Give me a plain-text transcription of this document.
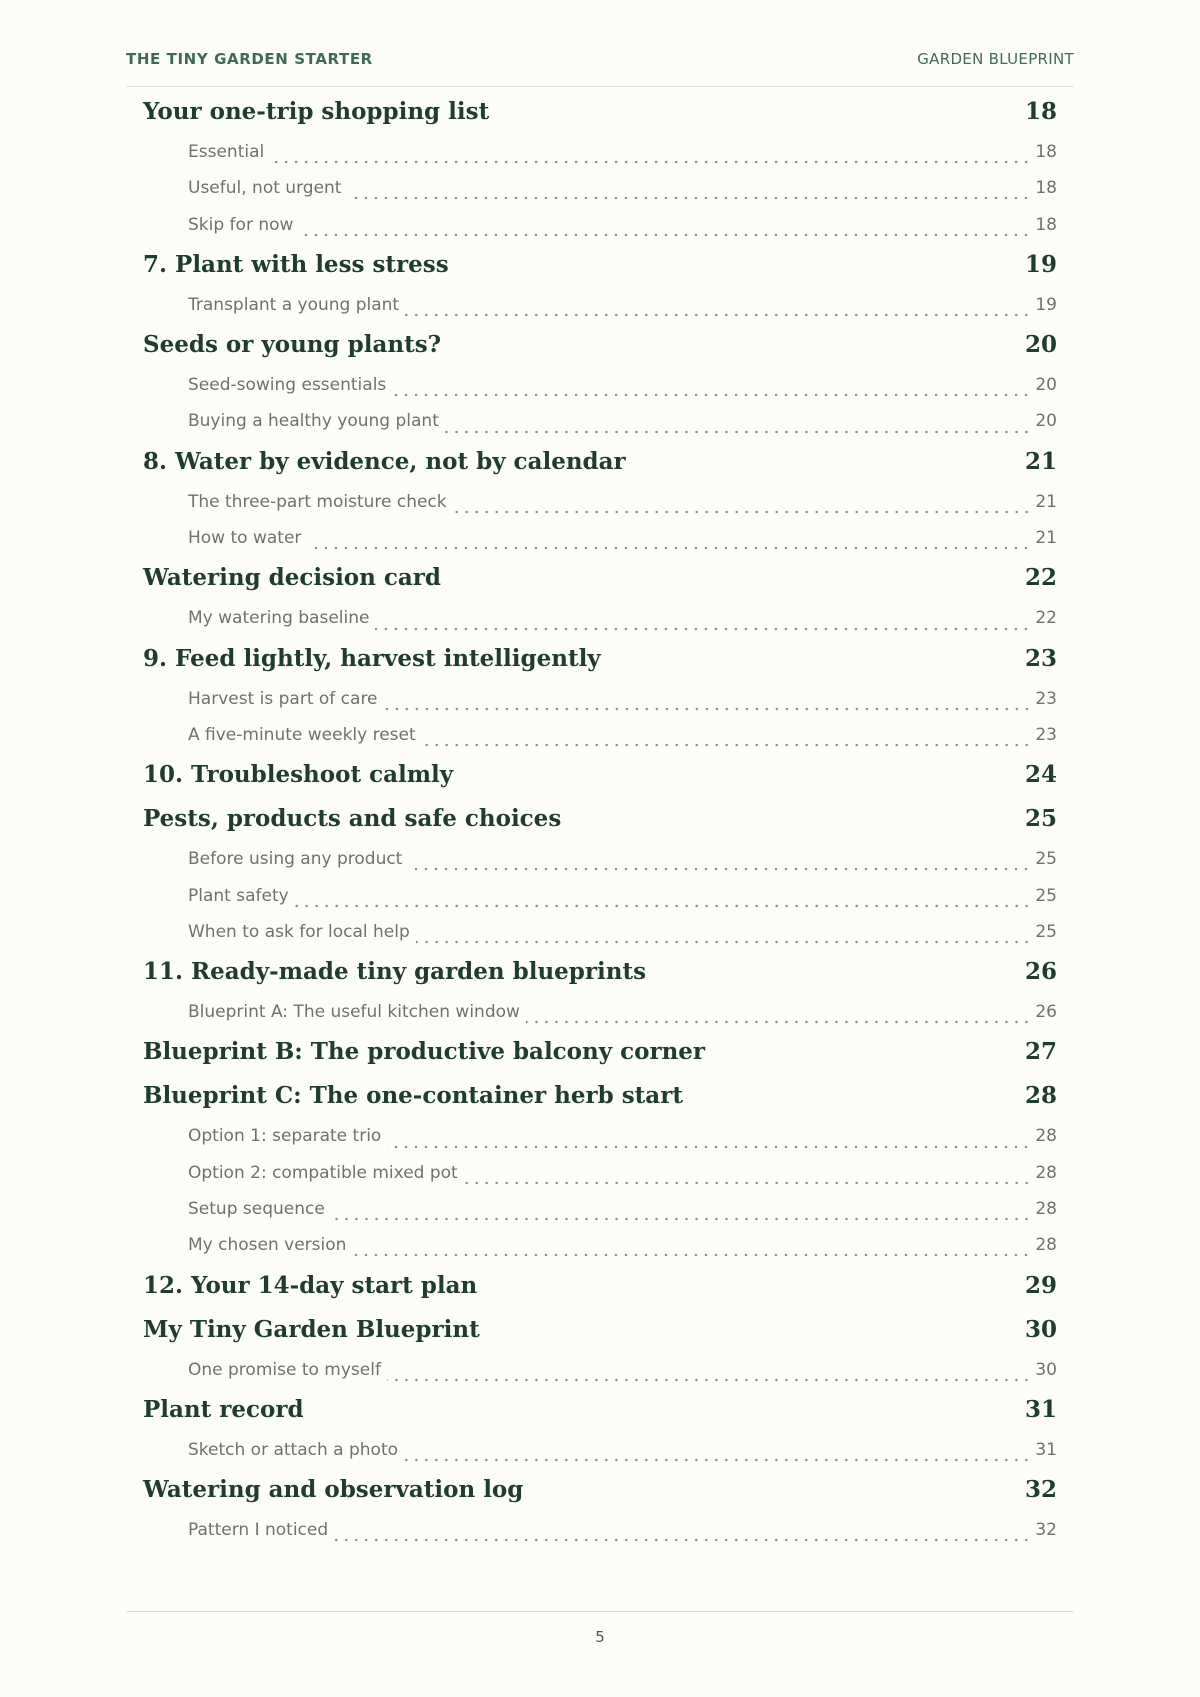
THE TINY GARDEN STARTER	GARDEN BLUEPRINT
Your one-trip shopping list	18
Essential	18
Useful, not urgent	18
Skip for now	18
7. Plant with less stress	19
Transplant a young plant	19
Seeds or young plants?	20
Seed-sowing essentials	20
Buying a healthy young plant	20
8. Water by evidence, not by calendar	21
The three-part moisture check	21
How to water	21
Watering decision card	22
My watering baseline	22
9. Feed lightly, harvest intelligently	23
Harvest is part of care	23
A five-minute weekly reset	23
10. Troubleshoot calmly	24
Pests, products and safe choices	25
Before using any product	25
Plant safety	25
When to ask for local help	25
11. Ready-made tiny garden blueprints	26
Blueprint A: The useful kitchen window	26
Blueprint B: The productive balcony corner	27
Blueprint C: The one-container herb start	28
Option 1: separate trio	28
Option 2: compatible mixed pot	28
Setup sequence	28
My chosen version	28
12. Your 14-day start plan	29
My Tiny Garden Blueprint	30
One promise to myself	30
Plant record	31
Sketch or attach a photo	31
Watering and observation log	32
Pattern I noticed	32
5
